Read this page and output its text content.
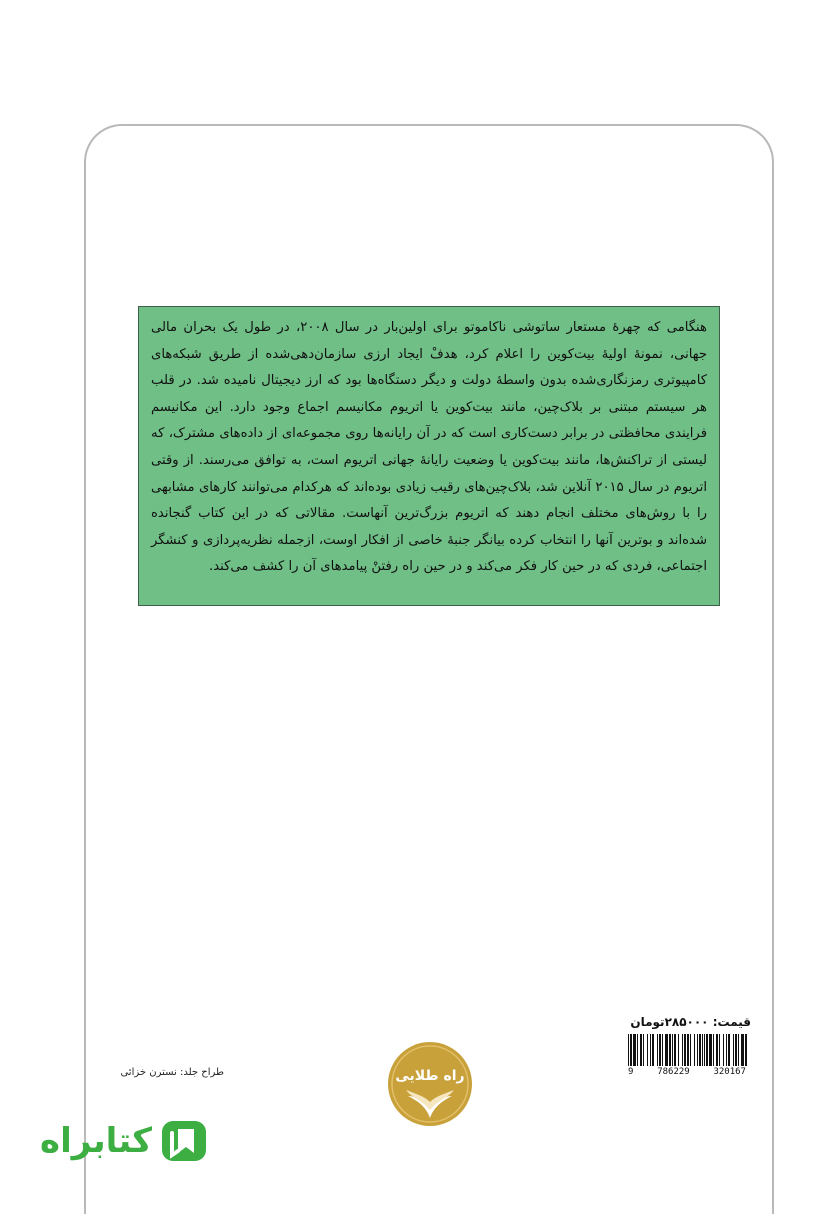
هنگامی که چهرهٔ مستعار ساتوشی ناکاموتو برای اولین‌بار در سال ۲۰۰۸، در طول یک بحران مالی جهانی، نمونهٔ اولیهٔ بیت‌کوین را اعلام کرد، هدفْ ایجاد ارزی سازمان‌دهی‌شده از طریق شبکه‌های کامپیوتری رمزنگاری‌شده بدون واسطهٔ دولت و دیگر دستگاه‌ها بود که ارز دیجیتال نامیده شد. در قلب هر سیستم مبتنی بر بلاک‌چین، مانند بیت‌کوین یا اتریوم مکانیسم اجماع وجود دارد. این مکانیسم فرایندی محافظتی در برابر دست‌کاری است که در آن رایانه‌ها روی مجموعه‌ای از داده‌های مشترک، که لیستی از تراکنش‌ها، مانند بیت‌کوین یا وضعیت رایانهٔ جهانی اتریوم است، به توافق می‌رسند. از وقتی اتریوم در سال ۲۰۱۵ آنلاین شد، بلاک‌چین‌های رقیب زیادی بوده‌اند که هرکدام می‌توانند کارهای مشابهی را با روش‌های مختلف انجام دهند که اتریوم بزرگ‌ترین آنهاست. مقالاتی که در این کتاب گنجانده شده‌اند و بوترین آنها را انتخاب کرده بیانگر جنبهٔ خاصی از افکار اوست، ازجمله نظریه‌پردازی و کنشگر اجتماعی، فردی که در حین کار فکر می‌کند و در حین راه رفتنْ پیامدهای آن را کشف می‌کند.
قیمت: ۲۸۵۰۰۰تومان
9	786229	320167
راه طلایی
طراح جلد: نسترن خزائی
کتابراه
